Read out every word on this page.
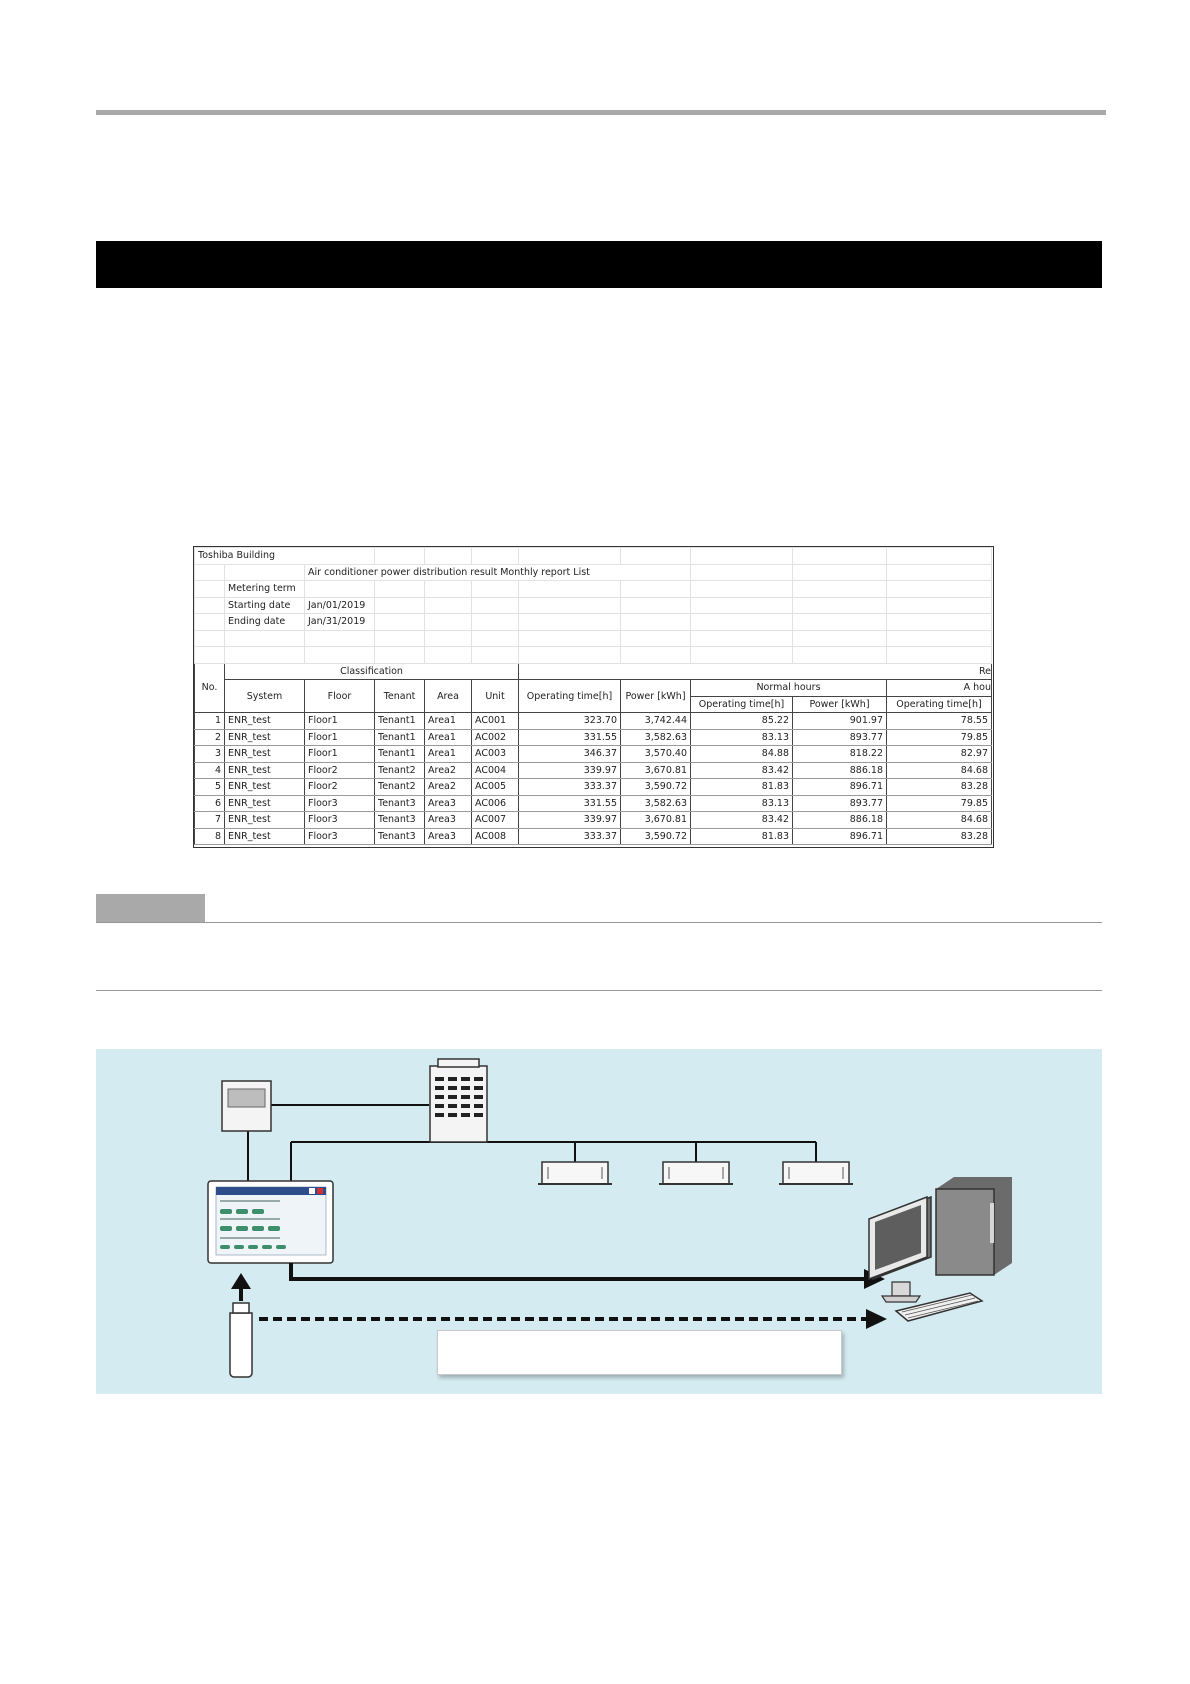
Toshiba Building										
		Air conditioner power distribution result Monthly report List								
	Metering term									
	Starting date	Jan/01/2019								
	Ending date	Jan/31/2019								

No.	Classification					Re				
	System	Floor	Tenant	Area	Unit	Operating time[h]	Power [kWh]	Normal hours		A hou
								Operating time[h]	Power [kWh]	Operating time[h]
1	ENR_test	Floor1	Tenant1	Area1	AC001	323.70	3,742.44	85.22	901.97	78.55
2	ENR_test	Floor1	Tenant1	Area1	AC002	331.55	3,582.63	83.13	893.77	79.85
3	ENR_test	Floor1	Tenant1	Area1	AC003	346.37	3,570.40	84.88	818.22	82.97
4	ENR_test	Floor2	Tenant2	Area2	AC004	339.97	3,670.81	83.42	886.18	84.68
5	ENR_test	Floor2	Tenant2	Area2	AC005	333.37	3,590.72	81.83	896.71	83.28
6	ENR_test	Floor3	Tenant3	Area3	AC006	331.55	3,582.63	83.13	893.77	79.85
7	ENR_test	Floor3	Tenant3	Area3	AC007	339.97	3,670.81	83.42	886.18	84.68
8	ENR_test	Floor3	Tenant3	Area3	AC008	333.37	3,590.72	81.83	896.71	83.28
